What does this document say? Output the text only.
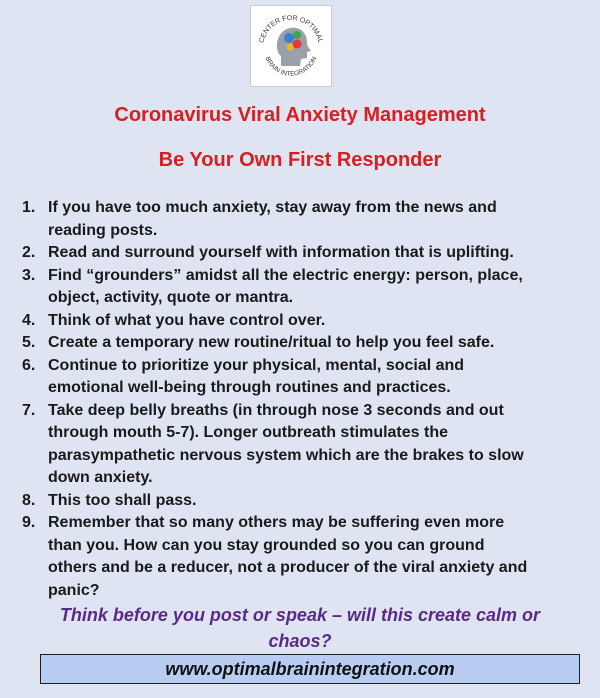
CENTER FOR OPTIMAL
BRAIN INTEGRATION
Coronavirus Viral Anxiety Management
Be Your Own First Responder
1. If you have too much anxiety, stay away from the news and
reading posts.
2. Read and surround yourself with information that is uplifting.
3. Find “grounders” amidst all the electric energy: person, place,
object, activity, quote or mantra.
4. Think of what you have control over.
5. Create a temporary new routine/ritual to help you feel safe.
6. Continue to prioritize your physical, mental, social and
emotional well-being through routines and practices.
7. Take deep belly breaths (in through nose 3 seconds and out
through mouth 5-7). Longer outbreath stimulates the
parasympathetic nervous system which are the brakes to slow
down anxiety.
8. This too shall pass.
9. Remember that so many others may be suffering even more
than you. How can you stay grounded so you can ground
others and be a reducer, not a producer of the viral anxiety and
panic?
Think before you post or speak – will this create calm or
chaos?
www.optimalbrainintegration.com
